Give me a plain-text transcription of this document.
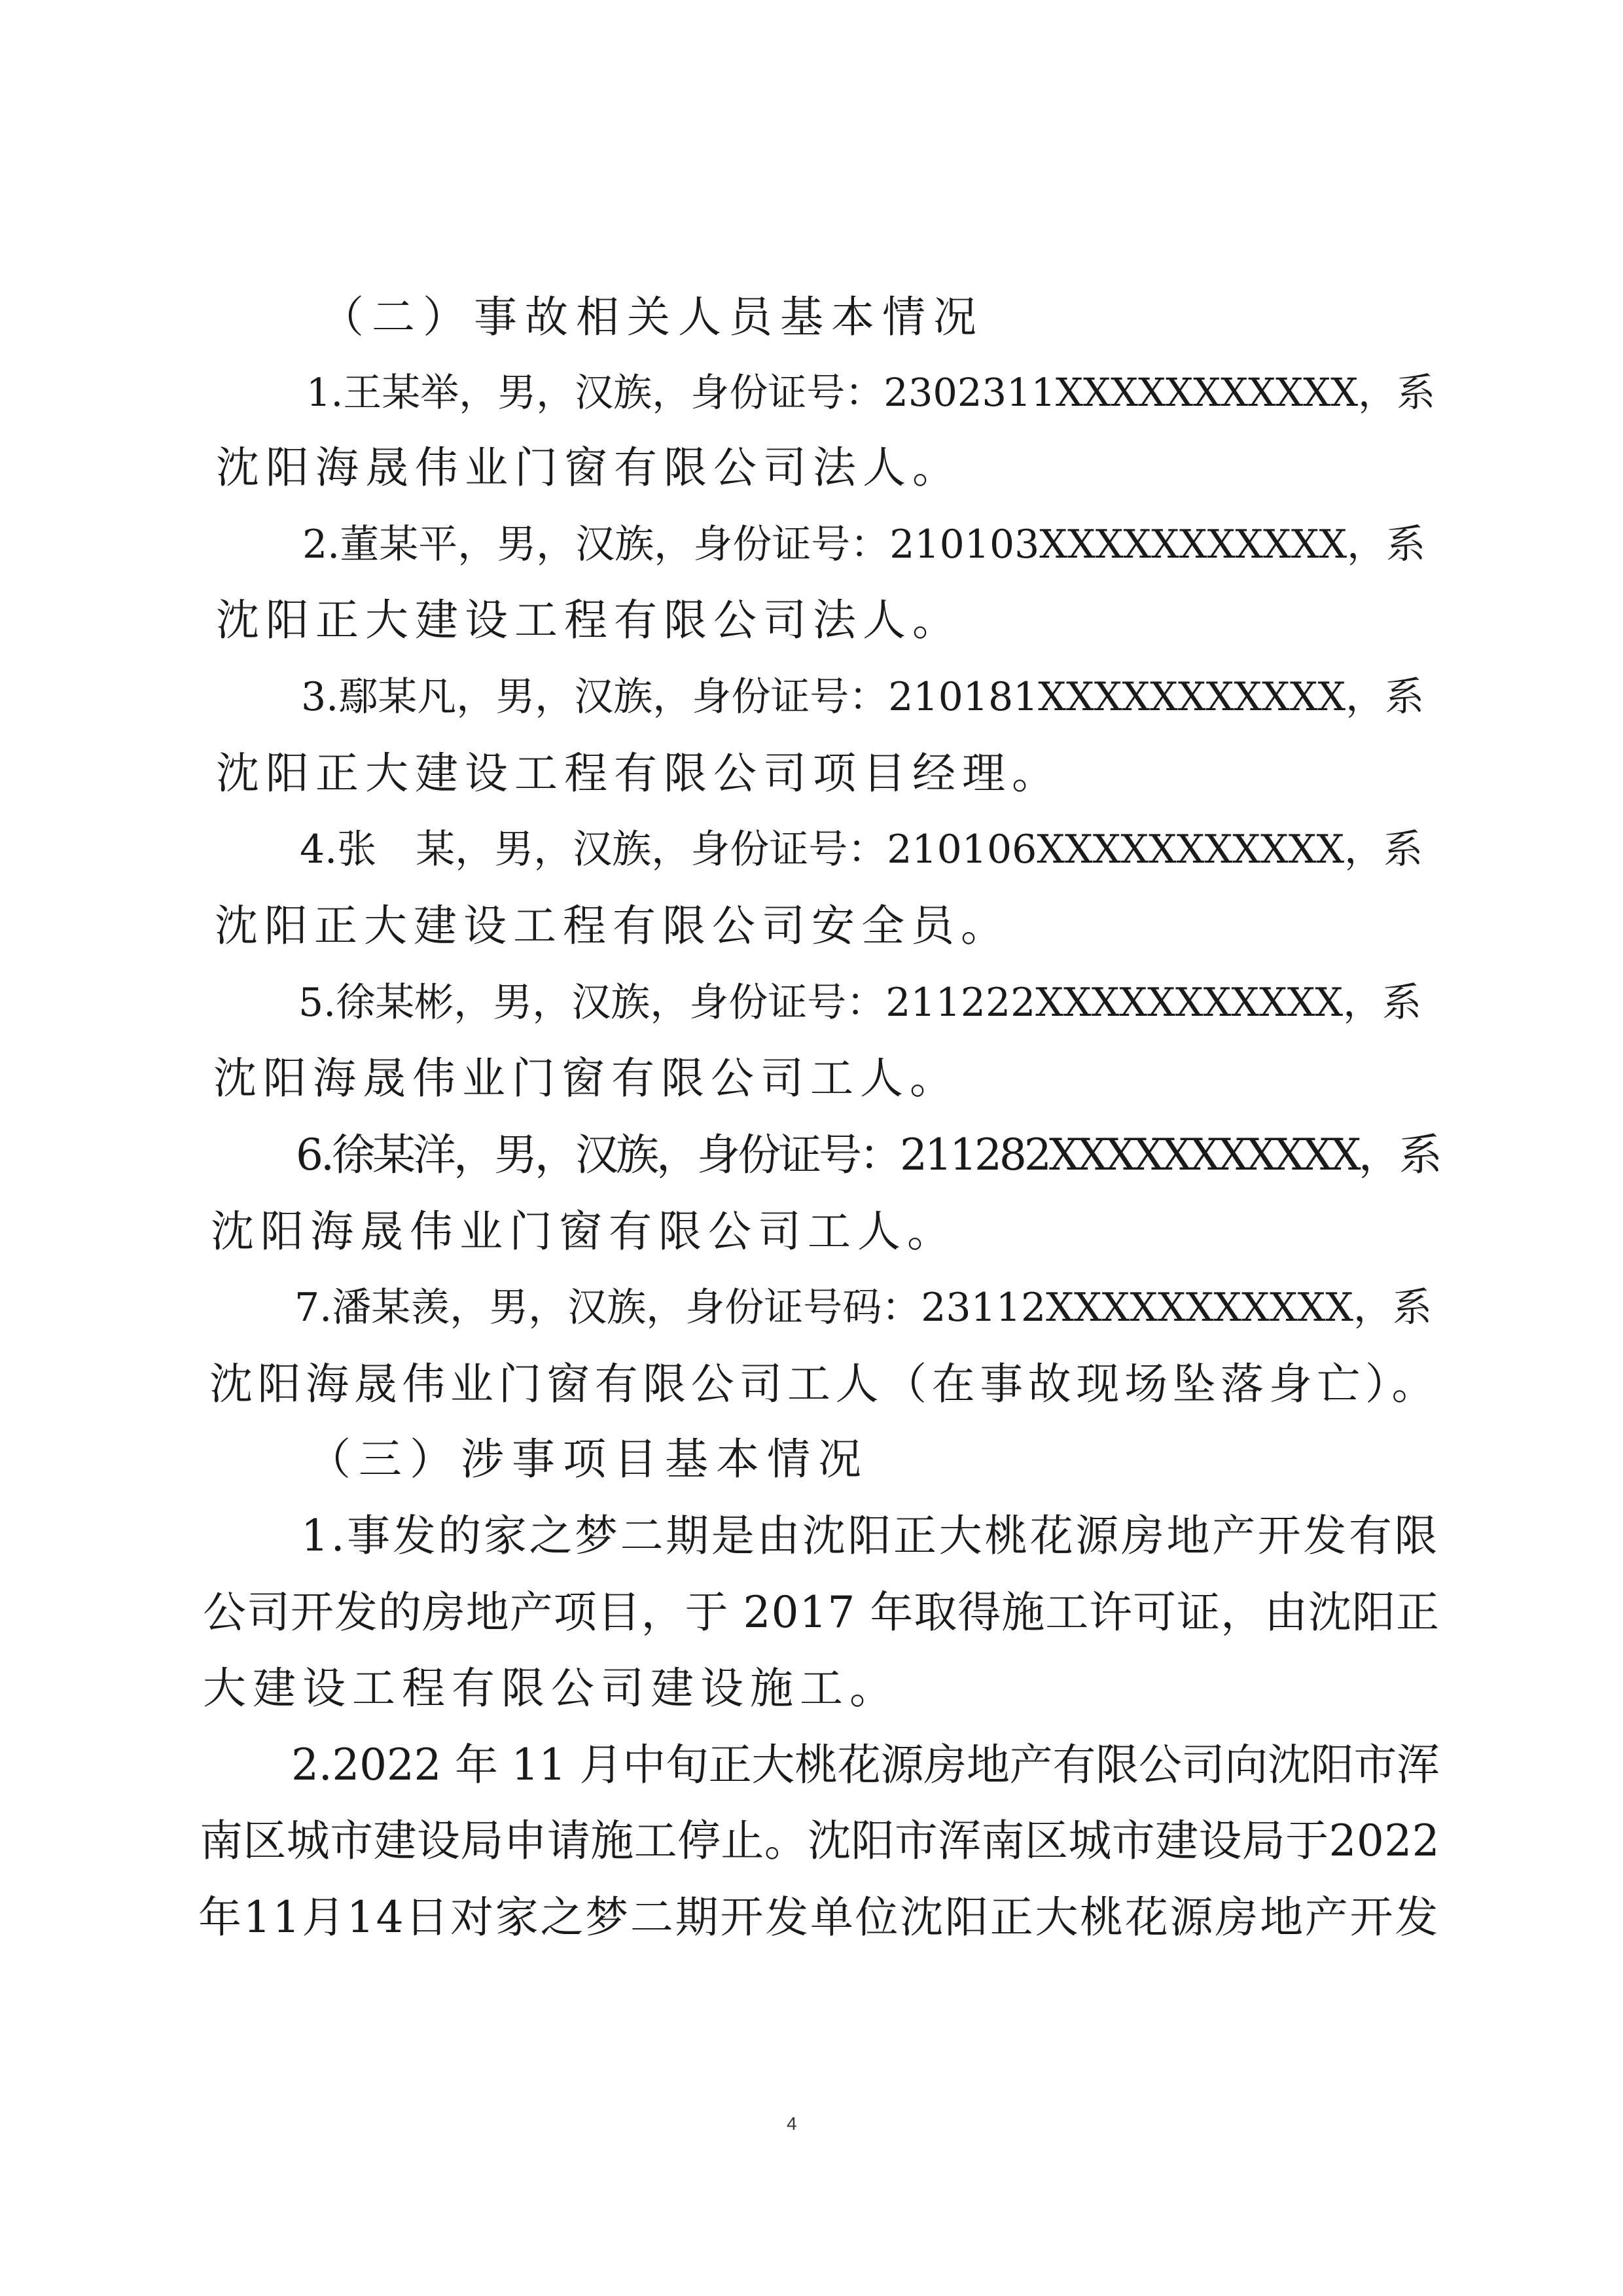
（二）事故相关人员基本情况
1.王某举，男，汉族，身份证号：2302311XXXXXXXXXXX，系
沈阳海晟伟业门窗有限公司法人。
2.董某平，男，汉族，身份证号：210103XXXXXXXXXXX，系
沈阳正大建设工程有限公司法人。
3.鄢某凡，男，汉族，身份证号：210181XXXXXXXXXXX，系
沈阳正大建设工程有限公司项目经理。
4.张　某，男，汉族，身份证号：210106XXXXXXXXXXX，系
沈阳正大建设工程有限公司安全员。
5.徐某彬，男，汉族，身份证号：211222XXXXXXXXXXX，系
沈阳海晟伟业门窗有限公司工人。
6.徐某洋，男，汉族，身份证号：211282XXXXXXXXXXX，系
沈阳海晟伟业门窗有限公司工人。
7.潘某羡，男，汉族，身份证号码：23112XXXXXXXXXXX，系
沈阳海晟伟业门窗有限公司工人（在事故现场坠落身亡）。
（三）涉事项目基本情况
1.事发的家之梦二期是由沈阳正大桃花源房地产开发有限
公司开发的房地产项目，于 2017 年取得施工许可证，由沈阳正
大建设工程有限公司建设施工。
2.2022 年 11 月中旬正大桃花源房地产有限公司向沈阳市浑
南区城市建设局申请施工停止。沈阳市浑南区城市建设局于2022
年11月14日对家之梦二期开发单位沈阳正大桃花源房地产开发
4
